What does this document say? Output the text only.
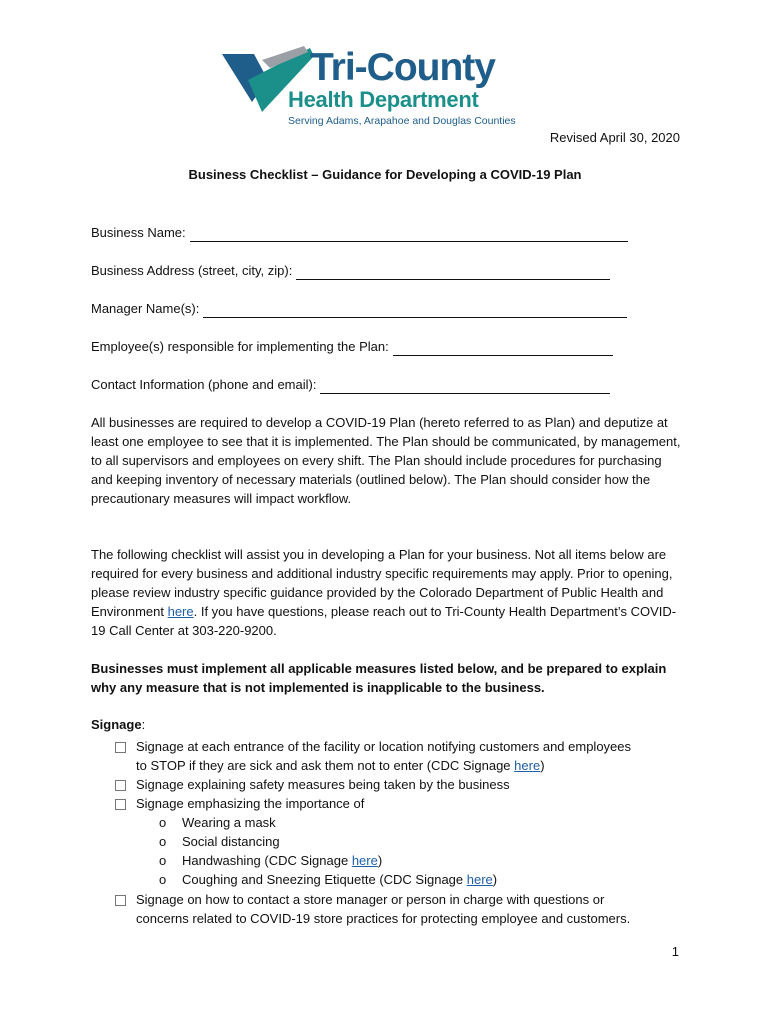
Tri-County
Health Department
Serving Adams, Arapahoe and Douglas Counties
Revised April 30, 2020
Business Checklist – Guidance for Developing a COVID-19 Plan
Business Name:
Business Address (street, city, zip):
Manager Name(s):
Employee(s) responsible for implementing the Plan:
Contact Information (phone and email):
All businesses are required to develop a COVID-19 Plan (hereto referred to as Plan) and deputize at least one employee to see that it is implemented. The Plan should be communicated, by management, to all supervisors and employees on every shift. The Plan should include procedures for purchasing and keeping inventory of necessary materials (outlined below). The Plan should consider how the precautionary measures will impact workflow.
The following checklist will assist you in developing a Plan for your business. Not all items below are required for every business and additional industry specific requirements may apply. Prior to opening, please review industry specific guidance provided by the Colorado Department of Public Health and Environment here. If you have questions, please reach out to Tri-County Health Department’s COVID-19 Call Center at 303-220-9200.
Businesses must implement all applicable measures listed below, and be prepared to explain why any measure that is not implemented is inapplicable to the business.
Signage:
Signage at each entrance of the facility or location notifying customers and employees
to STOP if they are sick and ask them not to enter (CDC Signage here)
Signage explaining safety measures being taken by the business
Signage emphasizing the importance of
o Wearing a mask
o Social distancing
o Handwashing (CDC Signage here)
o Coughing and Sneezing Etiquette (CDC Signage here)
Signage on how to contact a store manager or person in charge with questions or
concerns related to COVID-19 store practices for protecting employee and customers.
1
